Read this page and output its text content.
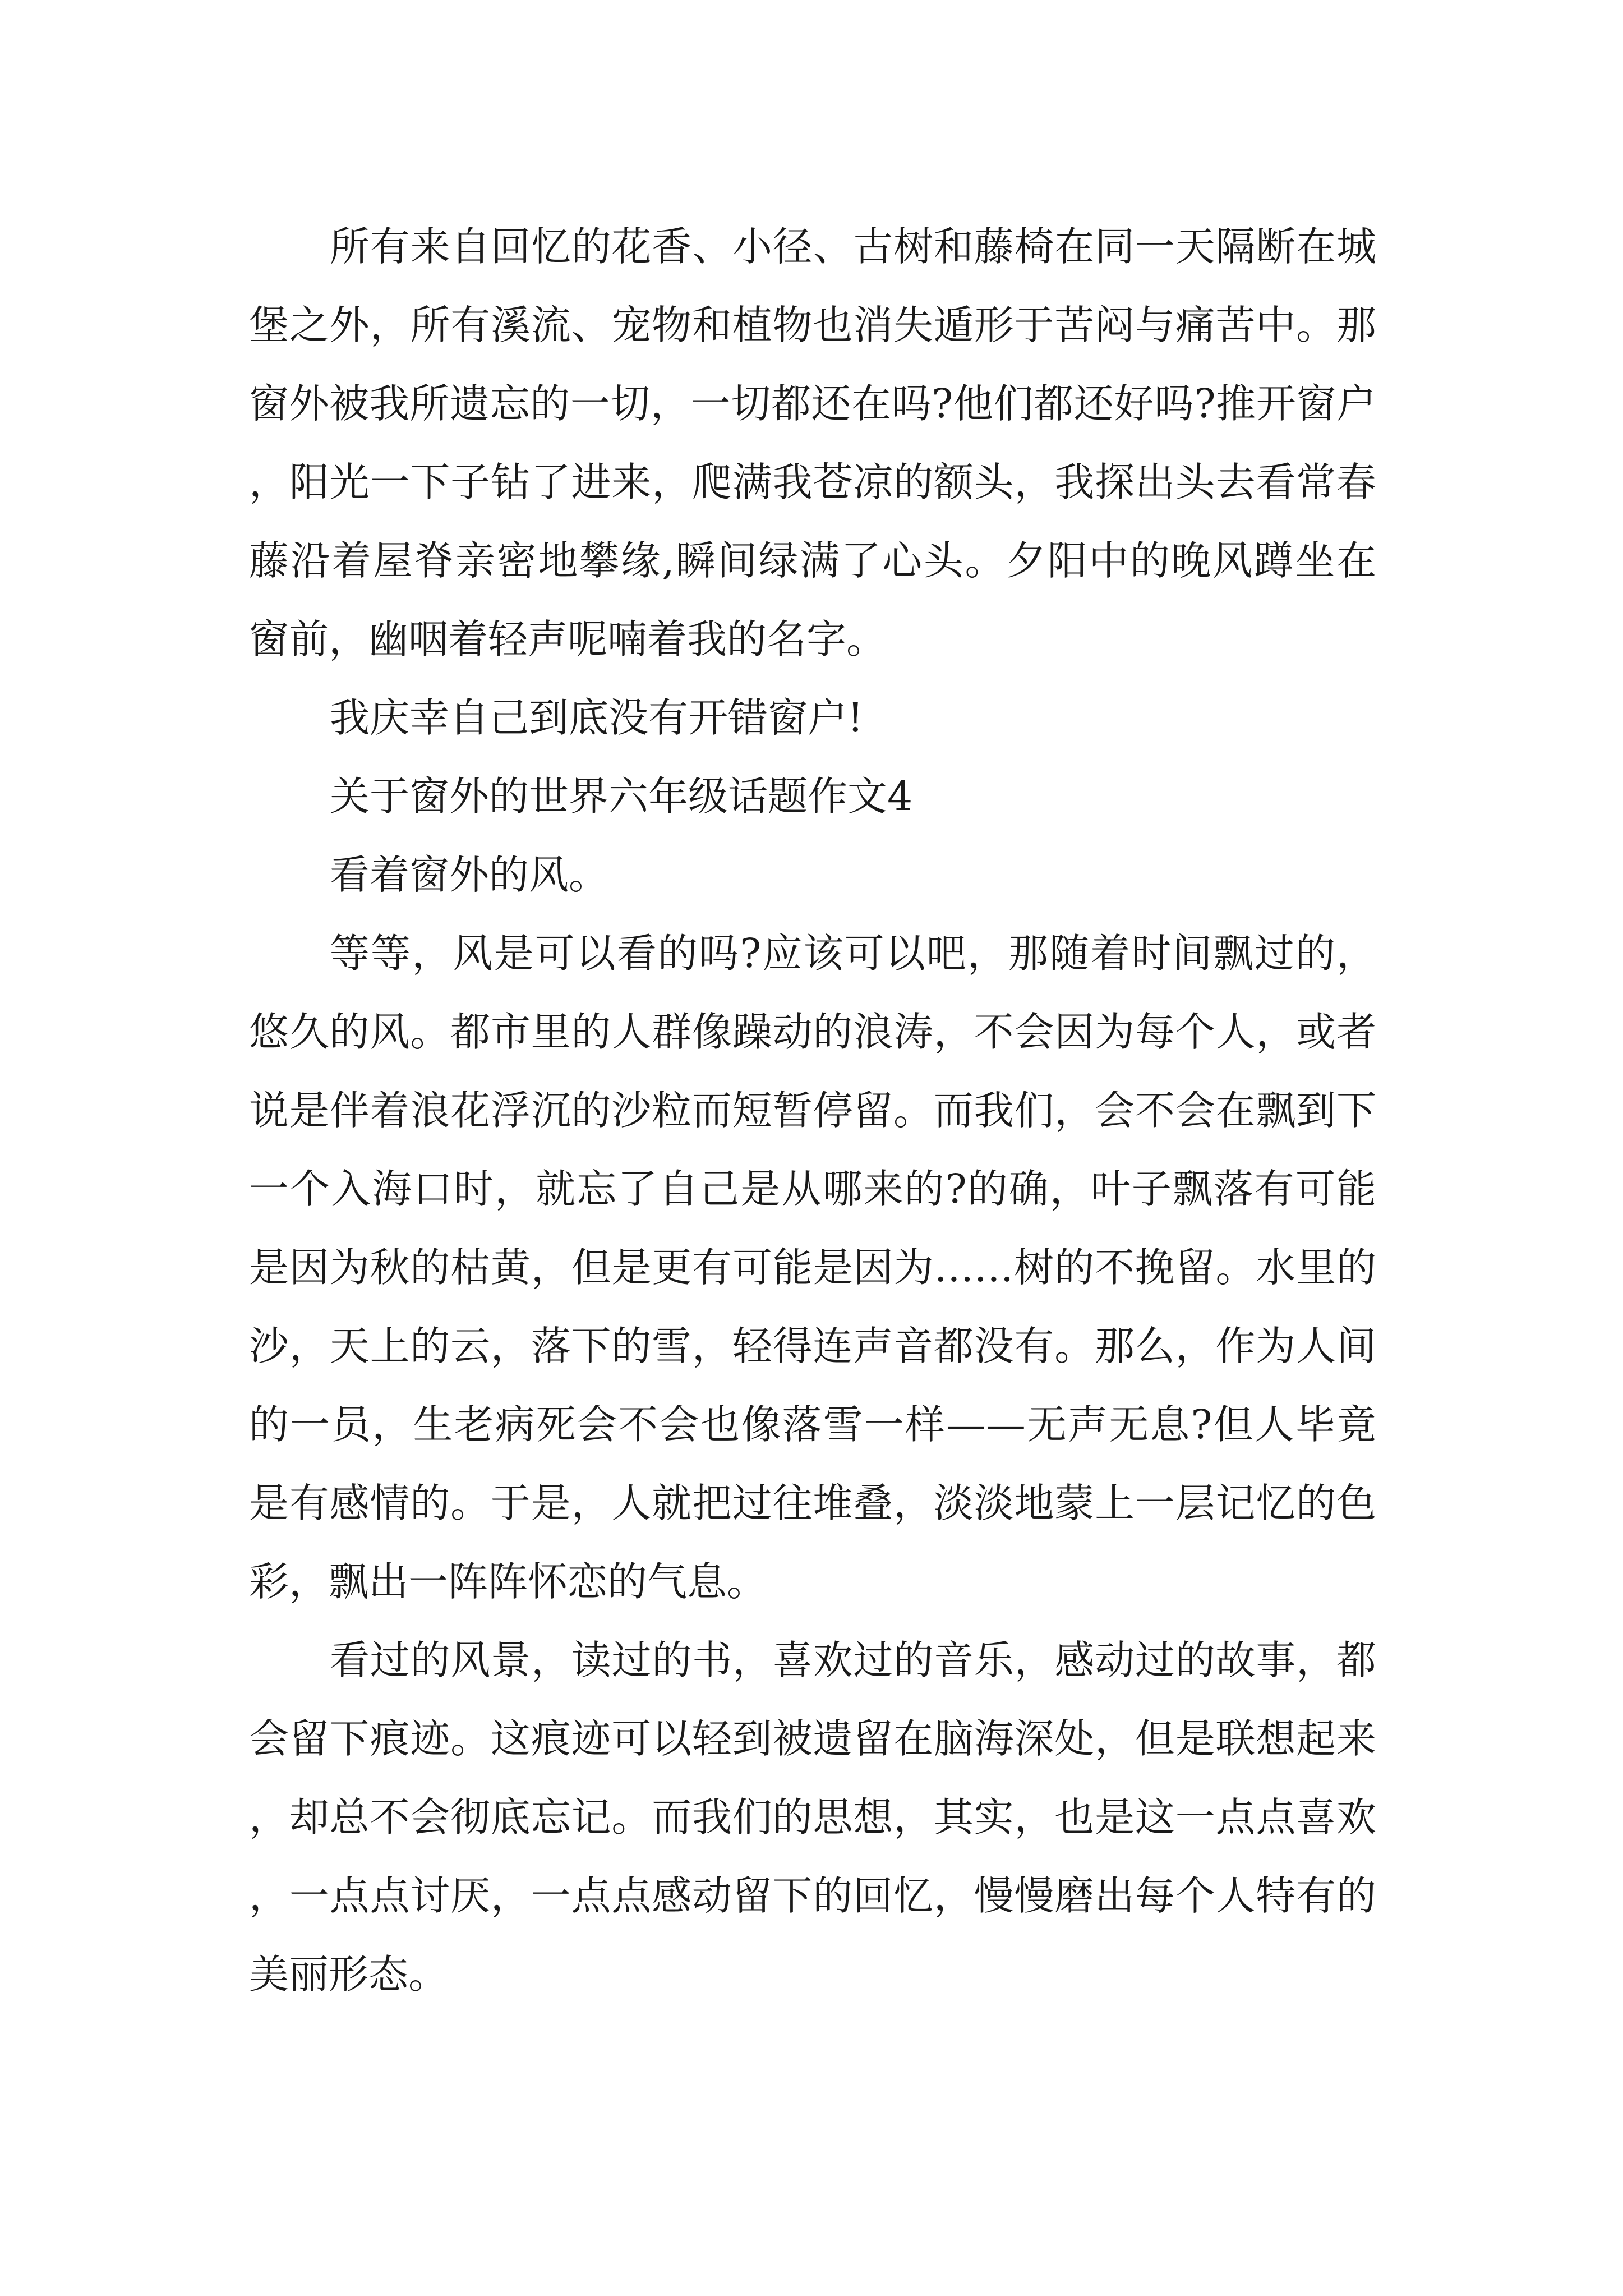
所有来自回忆的花香、小径、古树和藤椅在同一天隔断在城堡之外，所有溪流、宠物和植物也消失遁形于苦闷与痛苦中。那窗外被我所遗忘的一切，一切都还在吗?他们都还好吗?推开窗户，阳光一下子钻了进来，爬满我苍凉的额头，我探出头去看常春藤沿着屋脊亲密地攀缘,瞬间绿满了心头。夕阳中的晚风蹲坐在窗前，幽咽着轻声呢喃着我的名字。

我庆幸自己到底没有开错窗户!

关于窗外的世界六年级话题作文4

看着窗外的风。

等等，风是可以看的吗?应该可以吧，那随着时间飘过的，悠久的风。都市里的人群像躁动的浪涛，不会因为每个人，或者说是伴着浪花浮沉的沙粒而短暂停留。而我们，会不会在飘到下一个入海口时，就忘了自己是从哪来的?的确，叶子飘落有可能是因为秋的枯黄，但是更有可能是因为……树的不挽留。水里的沙，天上的云，落下的雪，轻得连声音都没有。那么，作为人间的一员，生老病死会不会也像落雪一样——无声无息?但人毕竟是有感情的。于是，人就把过往堆叠，淡淡地蒙上一层记忆的色彩，飘出一阵阵怀恋的气息。

看过的风景，读过的书，喜欢过的音乐，感动过的故事，都会留下痕迹。这痕迹可以轻到被遗留在脑海深处，但是联想起来，却总不会彻底忘记。而我们的思想，其实，也是这一点点喜欢，一点点讨厌，一点点感动留下的回忆，慢慢磨出每个人特有的美丽形态。
